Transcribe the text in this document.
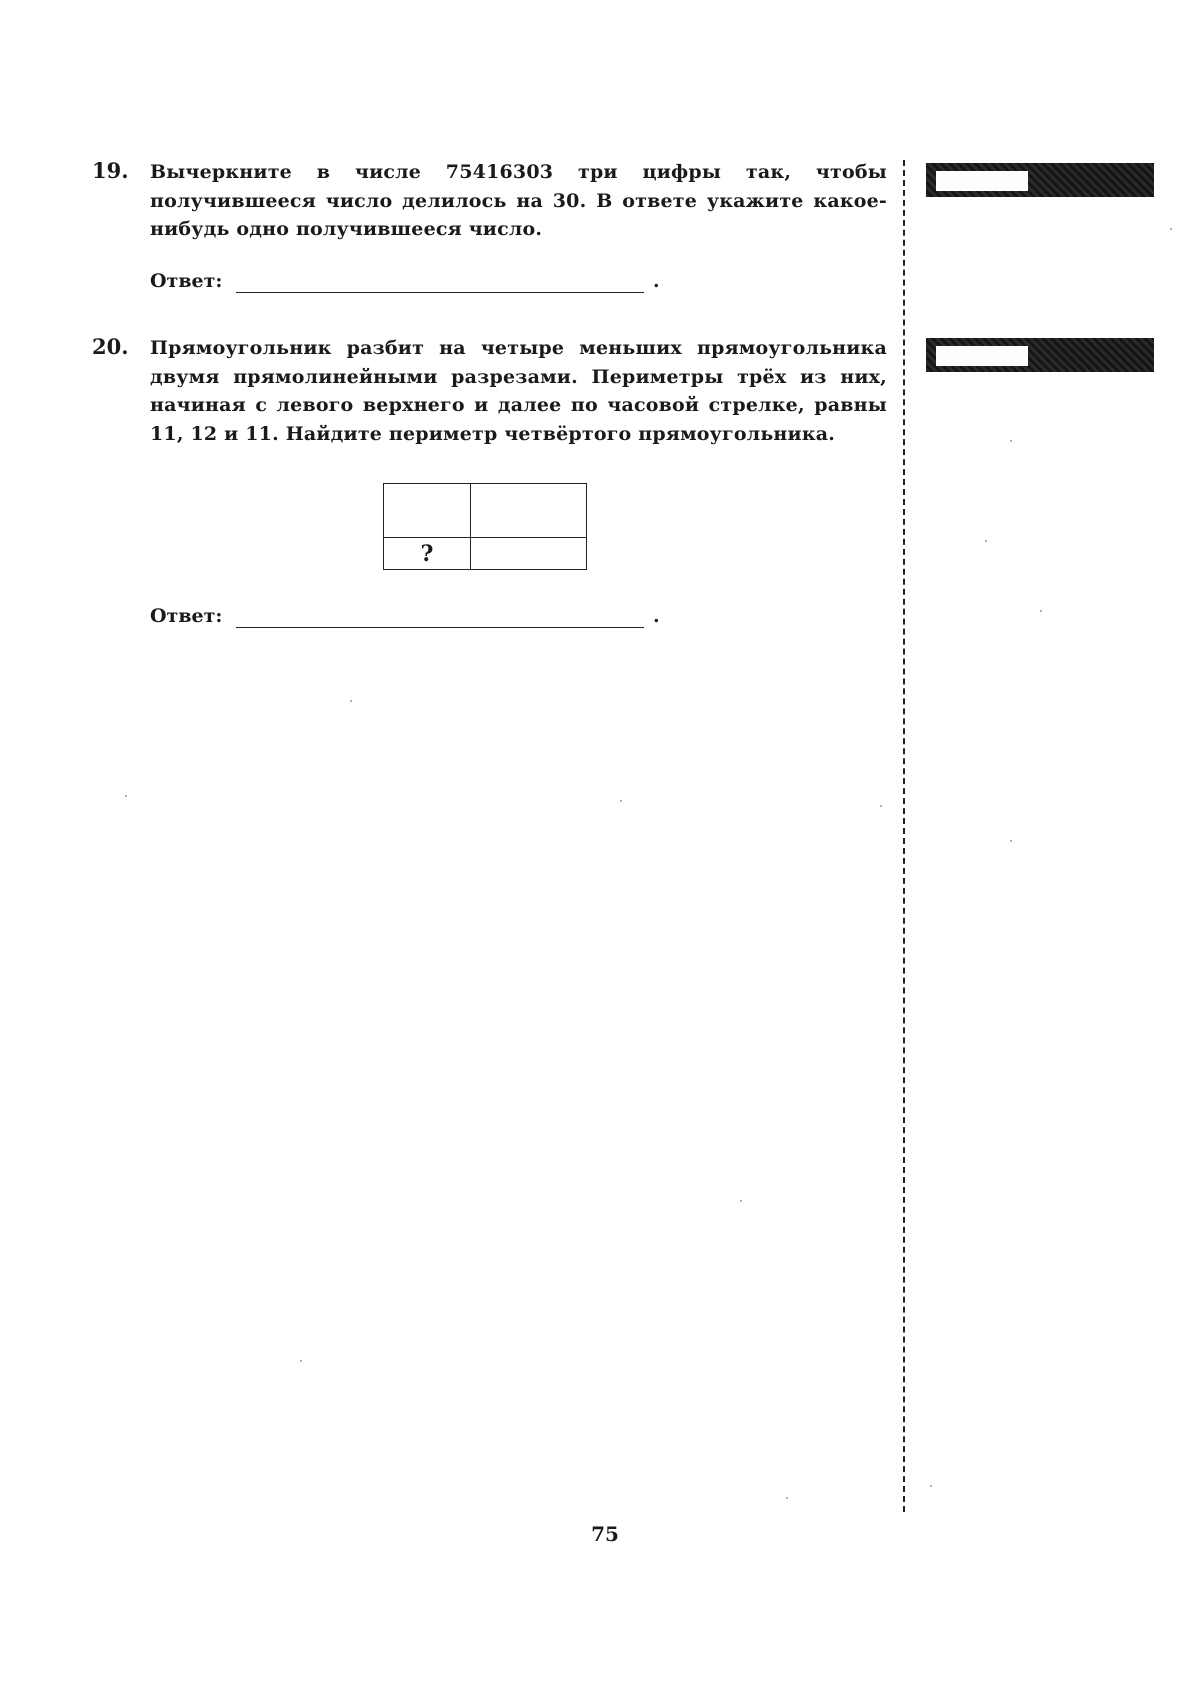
19. Вычеркните в числе 75416303 три цифры так, чтобы получившееся число делилось на 30. В ответе укажите какое-нибудь одно получившееся число.
Ответ:	.
20. Прямоугольник разбит на четыре меньших прямоугольника двумя прямолинейными разрезами. Периметры трёх из них, начиная с левого верхнего и далее по часовой стрелке, равны 11, 12 и 11. Найдите периметр четвёртого прямоугольника.
?
Ответ:	.
75
